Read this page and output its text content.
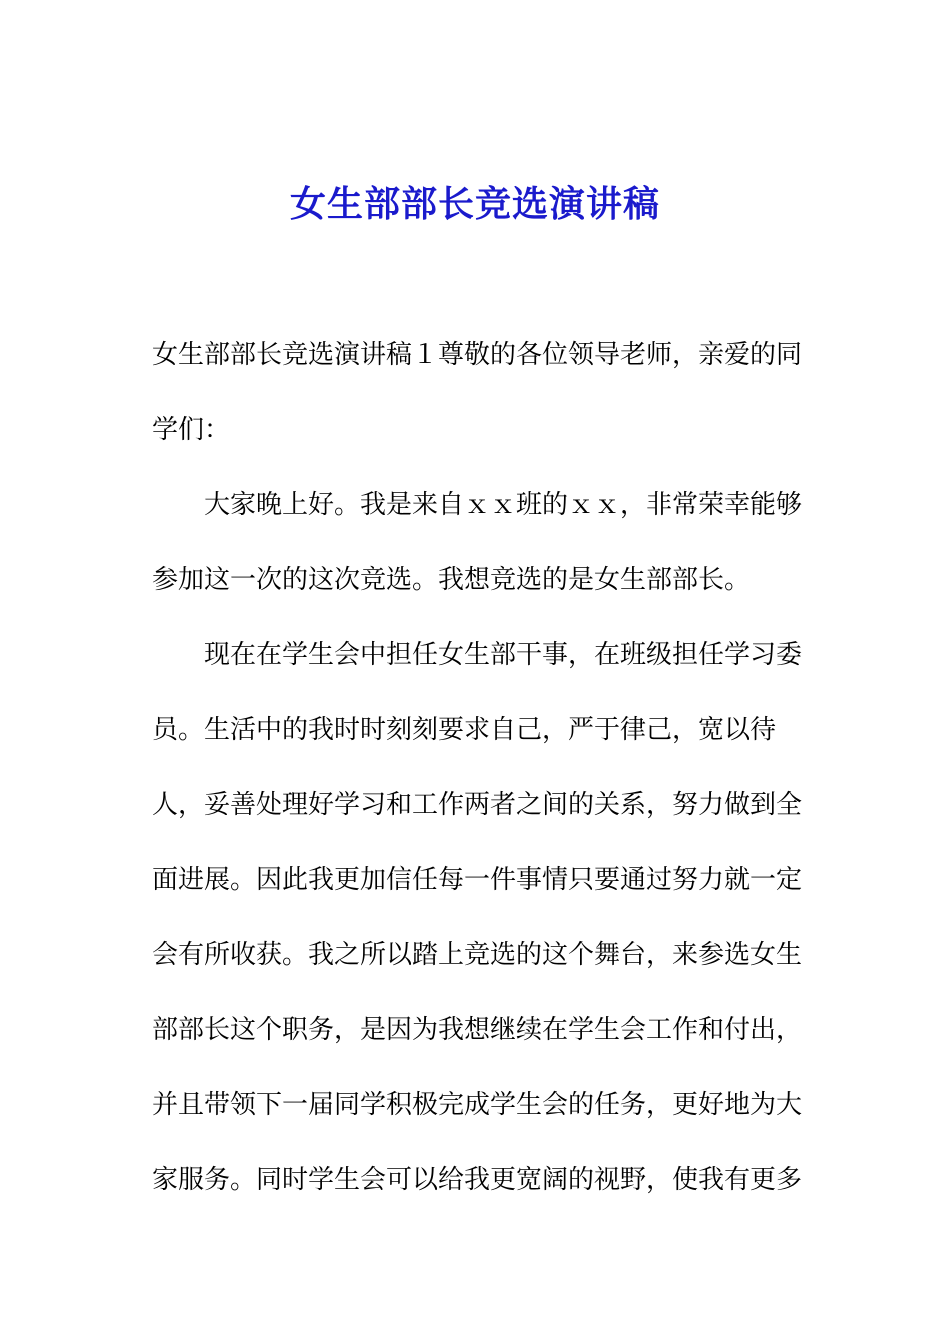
女生部部长竞选演讲稿
女生部部长竞选演讲稿１尊敬的各位领导老师，亲爱的同
学们：
大家晚上好。我是来自ｘｘ班的ｘｘ，非常荣幸能够
参加这一次的这次竞选。我想竞选的是女生部部长。
现在在学生会中担任女生部干事，在班级担任学习委
员。生活中的我时时刻刻要求自己，严于律己，宽以待
人，妥善处理好学习和工作两者之间的关系，努力做到全
面进展。因此我更加信任每一件事情只要通过努力就一定
会有所收获。我之所以踏上竞选的这个舞台，来参选女生
部部长这个职务，是因为我想继续在学生会工作和付出，
并且带领下一届同学积极完成学生会的任务，更好地为大
家服务。同时学生会可以给我更宽阔的视野，使我有更多
